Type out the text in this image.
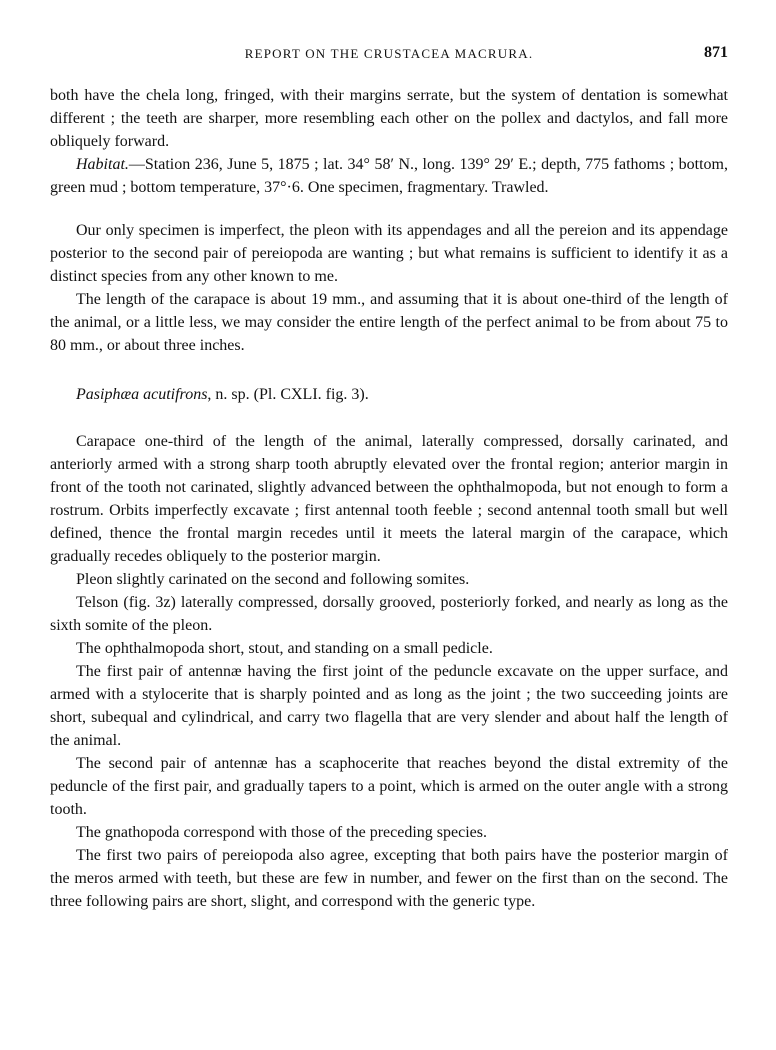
REPORT ON THE CRUSTACEA MACRURA.	871

both have the chela long, fringed, with their margins serrate, but the system of dentation is somewhat different ; the teeth are sharper, more resembling each other on the pollex and dactylos, and fall more obliquely forward.

Habitat.—Station 236, June 5, 1875 ; lat. 34° 58′ N., long. 139° 29′ E.; depth, 775 fathoms ; bottom, green mud ; bottom temperature, 37°·6. One specimen, fragmentary. Trawled.

Our only specimen is imperfect, the pleon with its appendages and all the pereion and its appendage posterior to the second pair of pereiopoda are wanting ; but what remains is sufficient to identify it as a distinct species from any other known to me.

The length of the carapace is about 19 mm., and assuming that it is about one-third of the length of the animal, or a little less, we may consider the entire length of the perfect animal to be from about 75 to 80 mm., or about three inches.

Pasiphæa acutifrons, n. sp. (Pl. CXLI. fig. 3).

Carapace one-third of the length of the animal, laterally compressed, dorsally carinated, and anteriorly armed with a strong sharp tooth abruptly elevated over the frontal region; anterior margin in front of the tooth not carinated, slightly advanced between the ophthalmopoda, but not enough to form a rostrum. Orbits imperfectly excavate ; first antennal tooth feeble ; second antennal tooth small but well defined, thence the frontal margin recedes until it meets the lateral margin of the carapace, which gradually recedes obliquely to the posterior margin.

Pleon slightly carinated on the second and following somites.

Telson (fig. 3z) laterally compressed, dorsally grooved, posteriorly forked, and nearly as long as the sixth somite of the pleon.

The ophthalmopoda short, stout, and standing on a small pedicle.

The first pair of antennæ having the first joint of the peduncle excavate on the upper surface, and armed with a stylocerite that is sharply pointed and as long as the joint ; the two succeeding joints are short, subequal and cylindrical, and carry two flagella that are very slender and about half the length of the animal.

The second pair of antennæ has a scaphocerite that reaches beyond the distal extremity of the peduncle of the first pair, and gradually tapers to a point, which is armed on the outer angle with a strong tooth.

The gnathopoda correspond with those of the preceding species.

The first two pairs of pereiopoda also agree, excepting that both pairs have the posterior margin of the meros armed with teeth, but these are few in number, and fewer on the first than on the second. The three following pairs are short, slight, and correspond with the generic type.
